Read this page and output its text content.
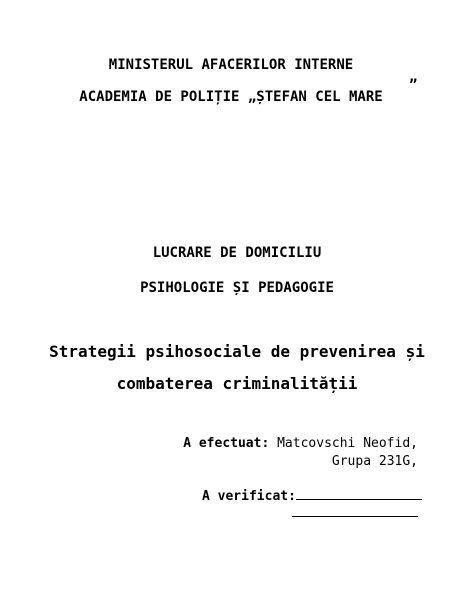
MINISTERUL AFACERILOR INTERNE
„
ACADEMIA DE POLIȚIE „ȘTEFAN CEL MARE
LUCRARE DE DOMICILIU
PSIHOLOGIE ȘI PEDAGOGIE
Strategii psihosociale de prevenirea și
combaterea criminalității
A efectuat: Matcovschi Neofid,
Grupa 231G,
A verificat:
